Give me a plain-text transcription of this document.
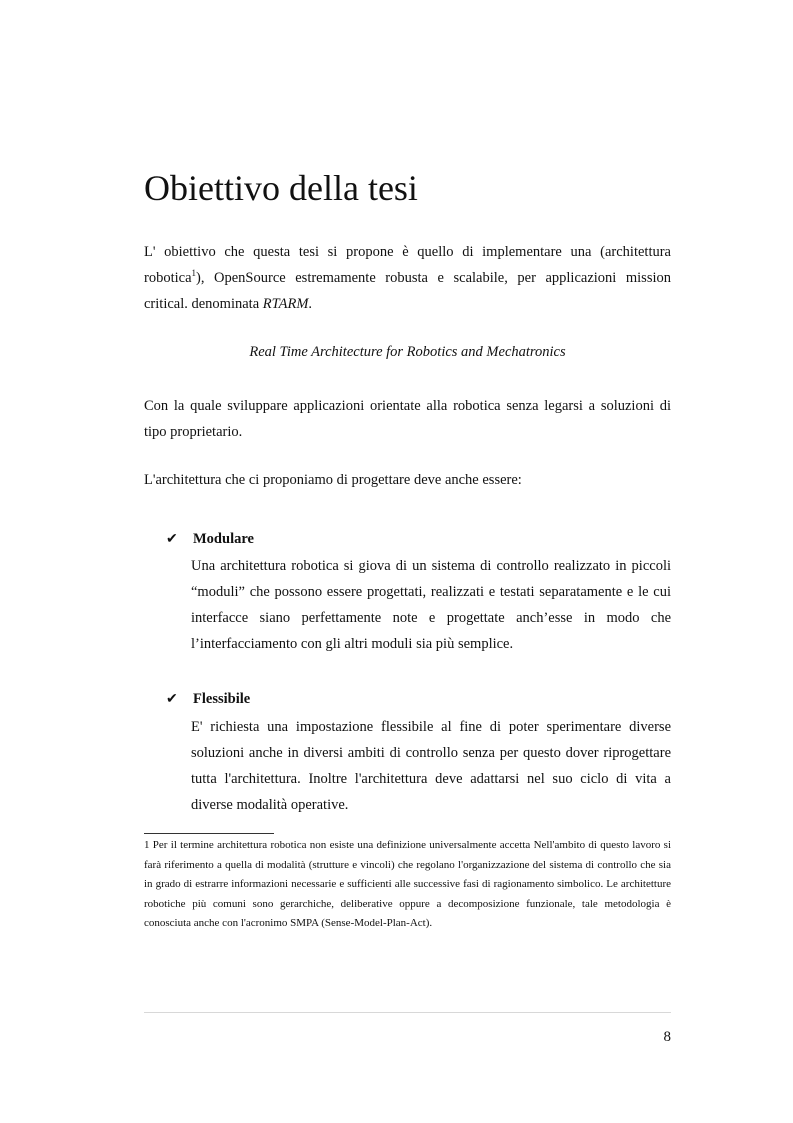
Obiettivo della tesi

L' obiettivo che questa tesi si propone è quello di implementare una (architettura robotica$^1$), OpenSource estremamente robusta e scalabile, per applicazioni mission critical. denominata RTARM.

Real Time Architecture for Robotics and Mechatronics

Con la quale sviluppare applicazioni orientate alla robotica senza legarsi a soluzioni di tipo proprietario.

L'architettura che ci proponiamo di progettare deve anche essere:

✔ Modulare

Una architettura robotica si giova di un sistema di controllo realizzato in piccoli “moduli” che possono essere progettati, realizzati e testati separatamente e le cui interfacce siano perfettamente note e progettate anch’esse in modo che l’interfacciamento con gli altri moduli sia più semplice.

✔ Flessibile

E' richiesta una impostazione flessibile al fine di poter sperimentare diverse soluzioni anche in diversi ambiti di controllo senza per questo dover riprogettare tutta l'architettura. Inoltre l'architettura deve adattarsi nel suo ciclo di vita a diverse modalità operative.

1 Per il termine architettura robotica non esiste una definizione universalmente accetta Nell'ambito di questo lavoro si farà riferimento a quella di modalità (strutture e vincoli) che regolano l'organizzazione del sistema di controllo che sia in grado di estrarre informazioni necessarie e sufficienti alle successive fasi di ragionamento simbolico. Le architetture robotiche più comuni sono gerarchiche, deliberative oppure a decomposizione funzionale, tale metodologia è conosciuta anche con l'acronimo SMPA (Sense-Model-Plan-Act).

8
